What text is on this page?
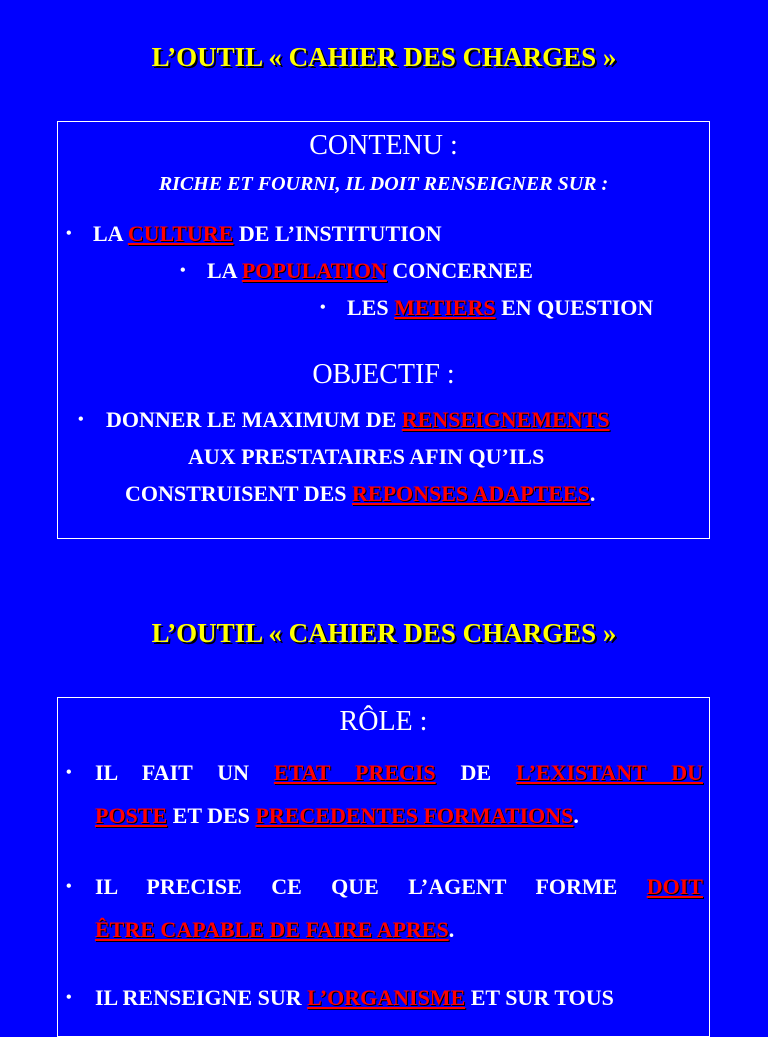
L’OUTIL « CAHIER DES CHARGES »
CONTENU :
RICHE ET FOURNI, IL DOIT RENSEIGNER SUR :
• LA CULTURE DE L’INSTITUTION
• LA POPULATION CONCERNEE
• LES METIERS EN QUESTION
OBJECTIF :
• DONNER LE MAXIMUM DE RENSEIGNEMENTS
AUX PRESTATAIRES AFIN QU’ILS
CONSTRUISENT DES REPONSES ADAPTEES.
L’OUTIL « CAHIER DES CHARGES »
RÔLE :
• IL FAIT UN ETAT PRECIS DE L’EXISTANT DU
POSTE ET DES PRECEDENTES FORMATIONS.
• IL PRECISE CE QUE L’AGENT FORME DOIT
ÊTRE CAPABLE DE FAIRE APRES.
• IL RENSEIGNE SUR L’ORGANISME ET SUR TOUS
